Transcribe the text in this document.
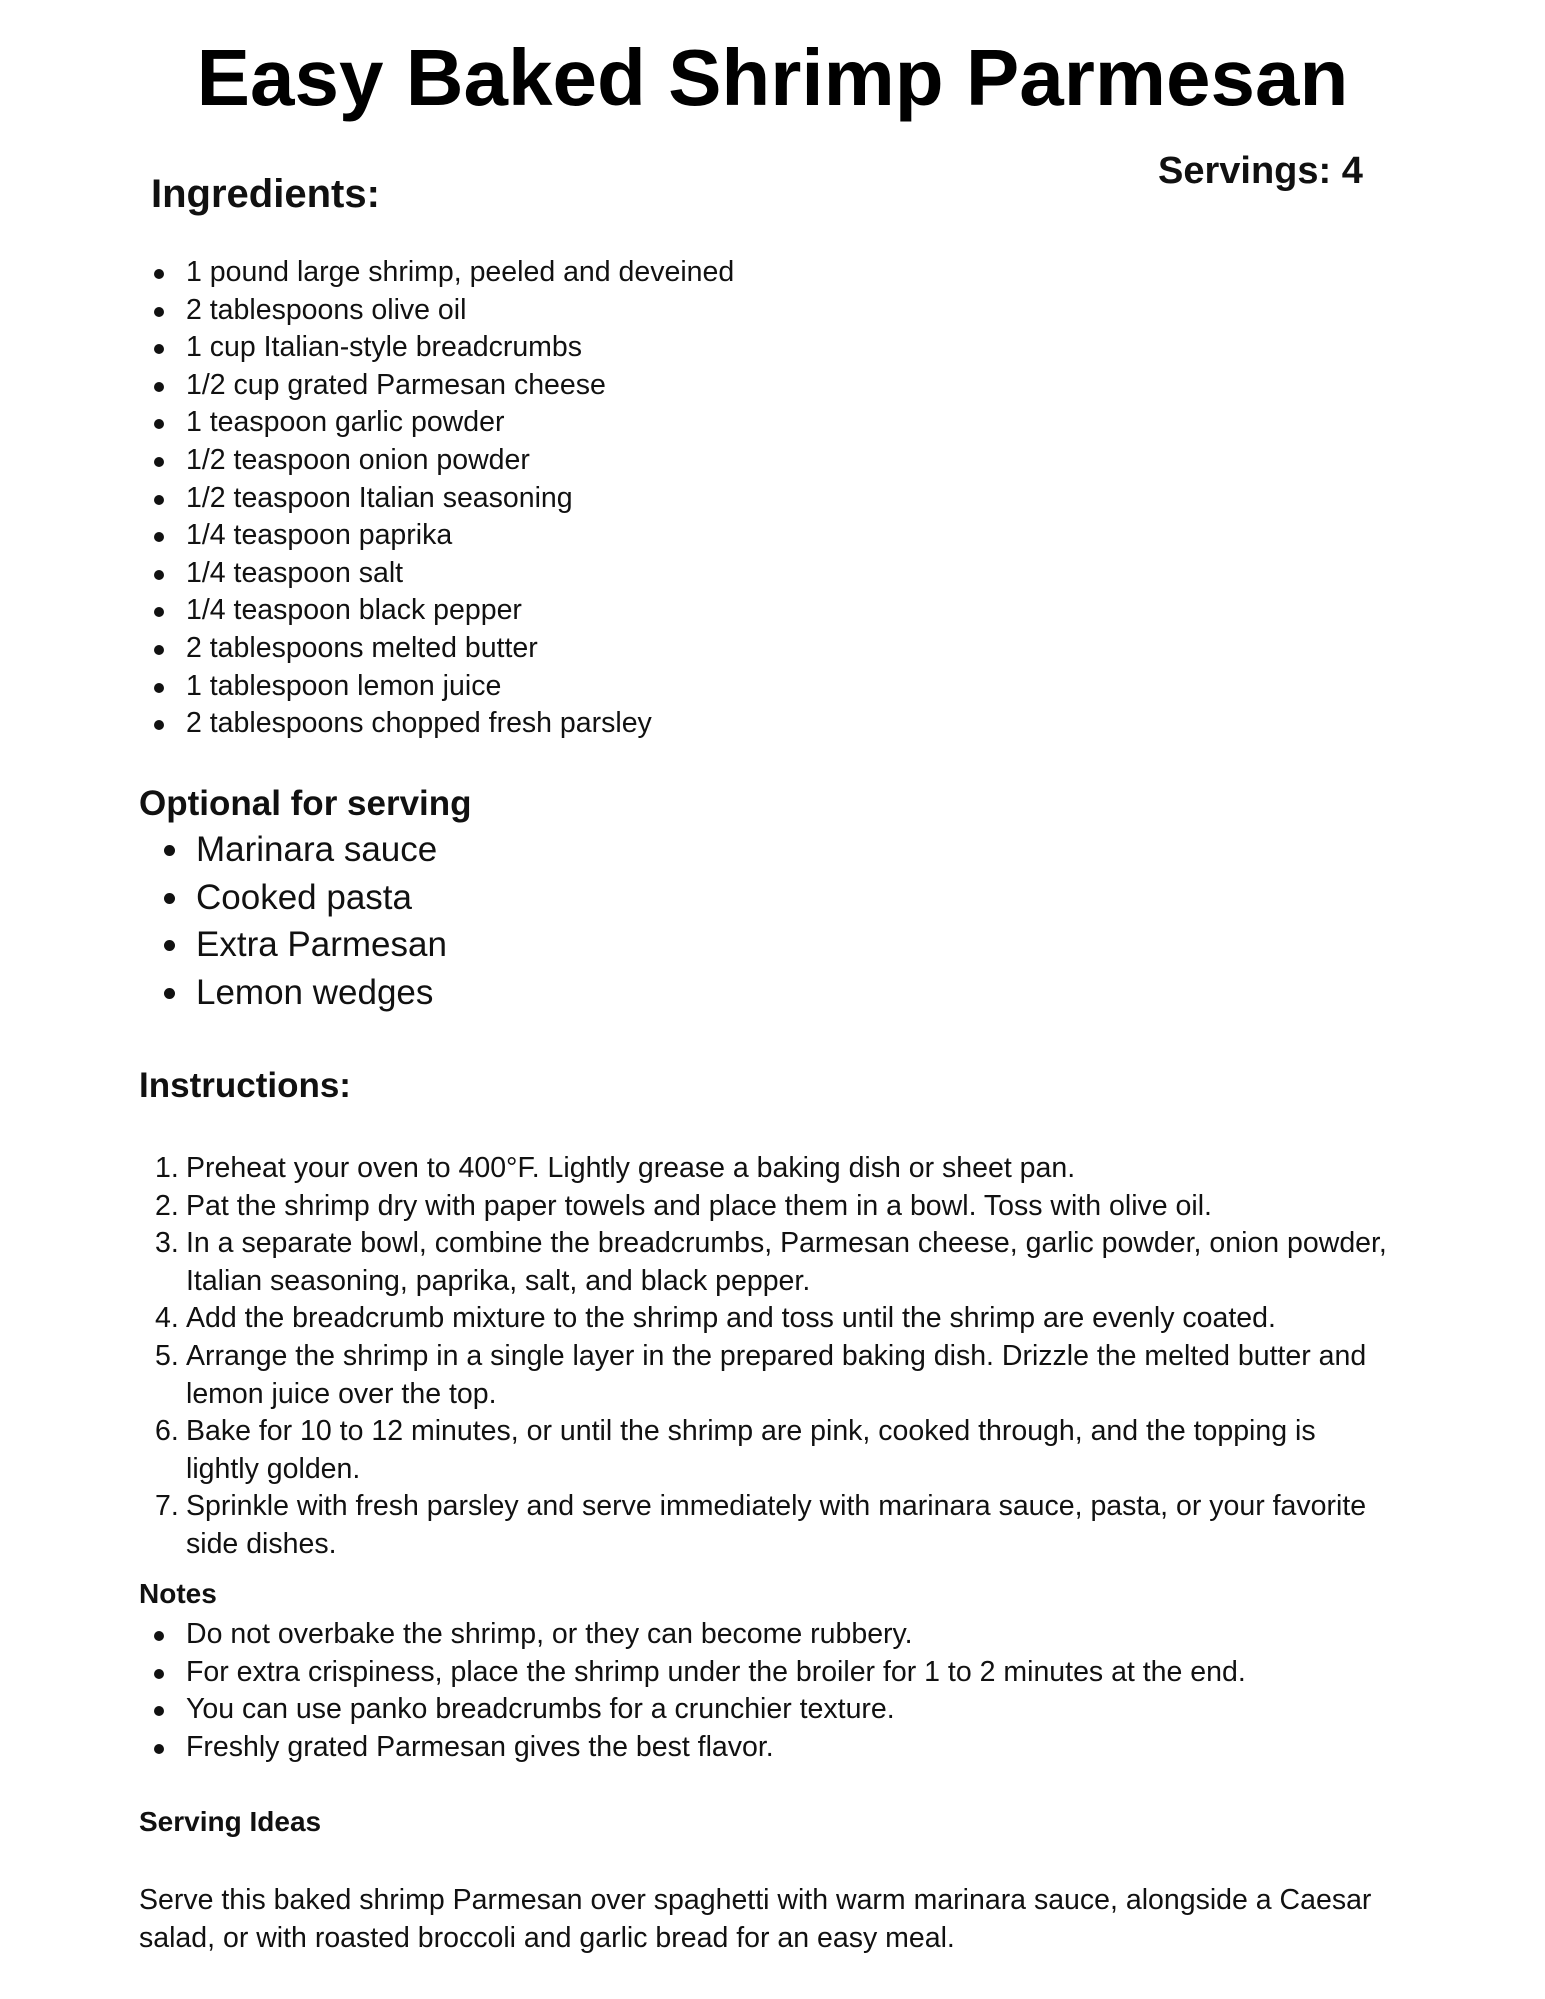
Easy Baked Shrimp Parmesan
Servings: 4
Ingredients:
1 pound large shrimp, peeled and deveined
2 tablespoons olive oil
1 cup Italian-style breadcrumbs
1/2 cup grated Parmesan cheese
1 teaspoon garlic powder
1/2 teaspoon onion powder
1/2 teaspoon Italian seasoning
1/4 teaspoon paprika
1/4 teaspoon salt
1/4 teaspoon black pepper
2 tablespoons melted butter
1 tablespoon lemon juice
2 tablespoons chopped fresh parsley
Optional for serving
Marinara sauce
Cooked pasta
Extra Parmesan
Lemon wedges
Instructions:
1. Preheat your oven to 400°F. Lightly grease a baking dish or sheet pan.
2. Pat the shrimp dry with paper towels and place them in a bowl. Toss with olive oil.
3. In a separate bowl, combine the breadcrumbs, Parmesan cheese, garlic powder, onion powder, Italian seasoning, paprika, salt, and black pepper.
4. Add the breadcrumb mixture to the shrimp and toss until the shrimp are evenly coated.
5. Arrange the shrimp in a single layer in the prepared baking dish. Drizzle the melted butter and lemon juice over the top.
6. Bake for 10 to 12 minutes, or until the shrimp are pink, cooked through, and the topping is lightly golden.
7. Sprinkle with fresh parsley and serve immediately with marinara sauce, pasta, or your favorite side dishes.
Notes
Do not overbake the shrimp, or they can become rubbery.
For extra crispiness, place the shrimp under the broiler for 1 to 2 minutes at the end.
You can use panko breadcrumbs for a crunchier texture.
Freshly grated Parmesan gives the best flavor.
Serving Ideas

Serve this baked shrimp Parmesan over spaghetti with warm marinara sauce, alongside a Caesar salad, or with roasted broccoli and garlic bread for an easy meal.
